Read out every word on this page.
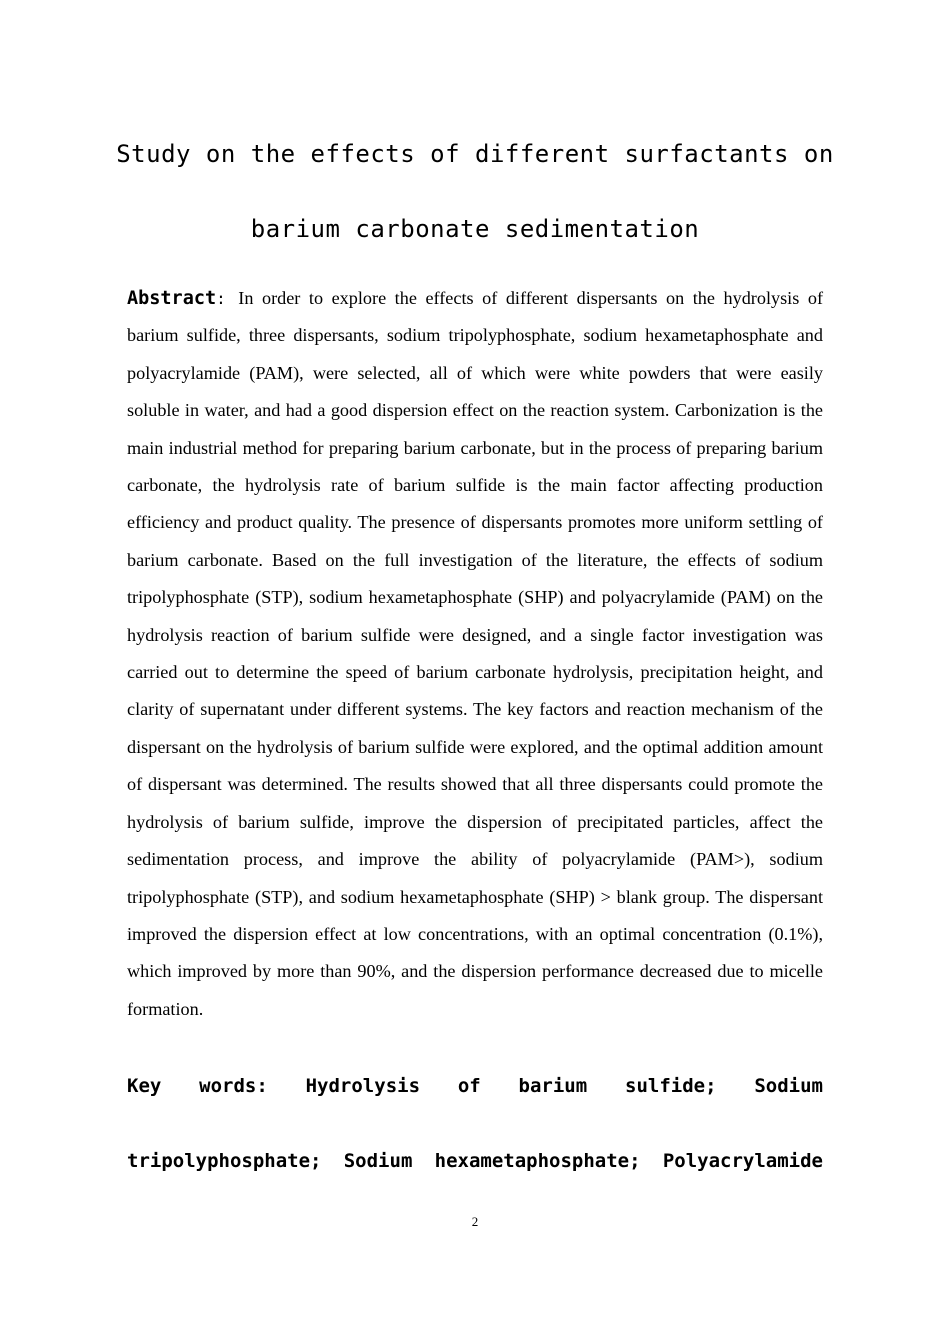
Study on the effects of different surfactants on
barium carbonate sedimentation
Abstract: In order to explore the effects of different dispersants on the hydrolysis of barium sulfide, three dispersants, sodium tripolyphosphate, sodium hexametaphosphate and polyacrylamide (PAM), were selected, all of which were white powders that were easily soluble in water, and had a good dispersion effect on the reaction system. Carbonization is the main industrial method for preparing barium carbonate, but in the process of preparing barium carbonate, the hydrolysis rate of barium sulfide is the main factor affecting production efficiency and product quality. The presence of dispersants promotes more uniform settling of barium carbonate. Based on the full investigation of the literature, the effects of sodium tripolyphosphate (STP), sodium hexametaphosphate (SHP) and polyacrylamide (PAM) on the hydrolysis reaction of barium sulfide were designed, and a single factor investigation was carried out to determine the speed of barium carbonate hydrolysis, precipitation height, and clarity of supernatant under different systems. The key factors and reaction mechanism of the dispersant on the hydrolysis of barium sulfide were explored, and the optimal addition amount of dispersant was determined. The results showed that all three dispersants could promote the hydrolysis of barium sulfide, improve the dispersion of precipitated particles, affect the sedimentation process, and improve the ability of polyacrylamide (PAM>), sodium tripolyphosphate (STP), and sodium hexametaphosphate (SHP) > blank group. The dispersant improved the dispersion effect at low concentrations, with an optimal concentration (0.1%), which improved by more than 90%, and the dispersion performance decreased due to micelle formation.
Key words: Hydrolysis of barium sulfide; Sodium tripolyphosphate; Sodium hexametaphosphate; Polyacrylamide
2
